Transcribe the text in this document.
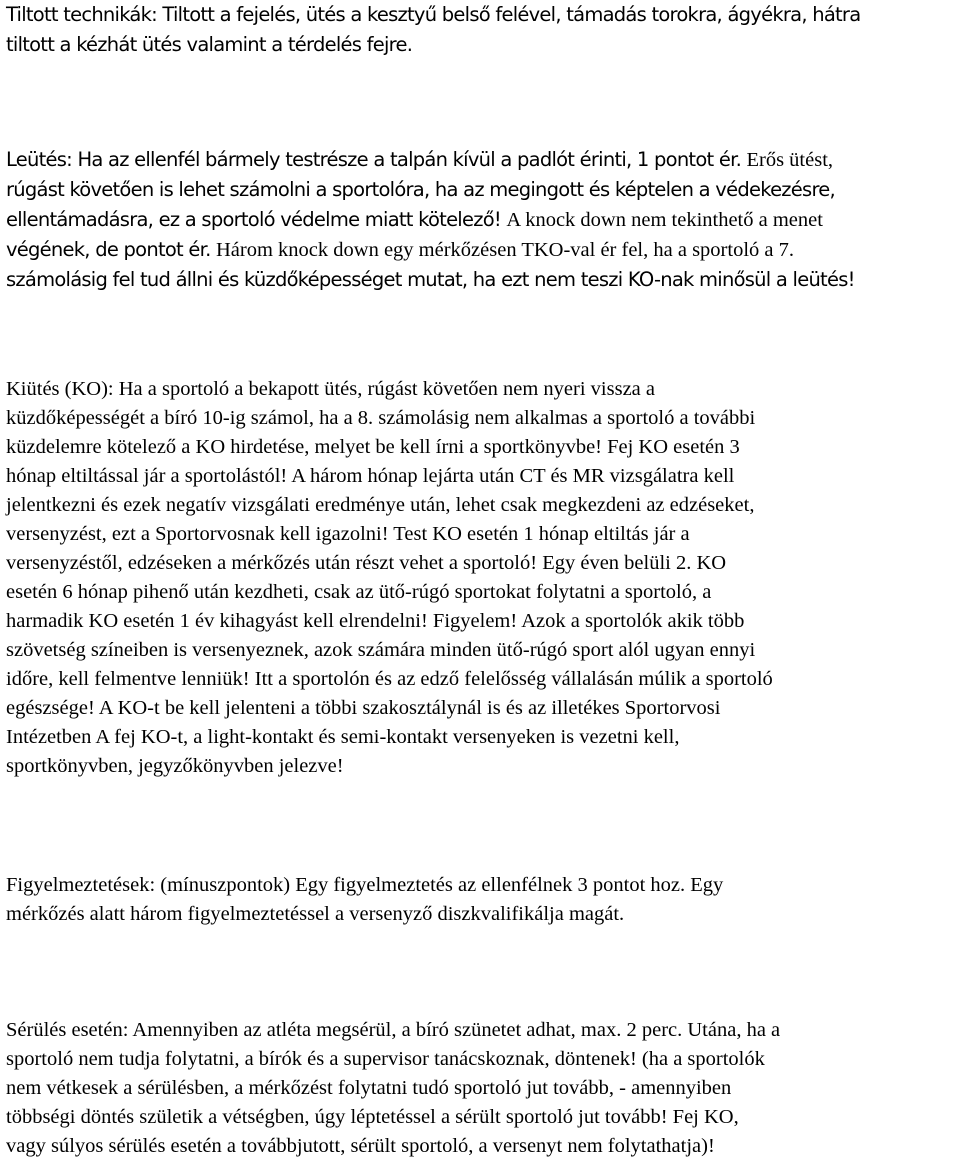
Tiltott technikák: Tiltott a fejelés, ütés a kesztyű belső felével, támadás torokra, ágyékra, hátra
tiltott a kézhát ütés valamint a térdelés fejre.

Leütés: Ha az ellenfél bármely testrésze a talpán kívül a padlót érinti, 1 pontot ér. Erős ütést,
rúgást követően is lehet számolni a sportolóra, ha az megingott és képtelen a védekezésre,
ellentámadásra, ez a sportoló védelme miatt kötelező! A knock down nem tekinthető a menet
végének, de pontot ér. Három knock down egy mérkőzésen TKO-val ér fel, ha a sportoló a 7.
számolásig fel tud állni és küzdőképességet mutat, ha ezt nem teszi KO-nak minősül a leütés!

Kiütés (KO): Ha a sportoló a bekapott ütés, rúgást követően nem nyeri vissza a
küzdőképességét a bíró 10-ig számol, ha a 8. számolásig nem alkalmas a sportoló a további
küzdelemre kötelező a KO hirdetése, melyet be kell írni a sportkönyvbe! Fej KO esetén 3
hónap eltiltással jár a sportolástól! A három hónap lejárta után CT és MR vizsgálatra kell
jelentkezni és ezek negatív vizsgálati eredménye után, lehet csak megkezdeni az edzéseket,
versenyzést, ezt a Sportorvosnak kell igazolni! Test KO esetén 1 hónap eltiltás jár a
versenyzéstől, edzéseken a mérkőzés után részt vehet a sportoló! Egy éven belüli 2. KO
esetén 6 hónap pihenő után kezdheti, csak az ütő-rúgó sportokat folytatni a sportoló, a
harmadik KO esetén 1 év kihagyást kell elrendelni! Figyelem! Azok a sportolók akik több
szövetség színeiben is versenyeznek, azok számára minden ütő-rúgó sport alól ugyan ennyi
időre, kell felmentve lenniük! Itt a sportolón és az edző felelősség vállalásán múlik a sportoló
egészsége! A KO-t be kell jelenteni a többi szakosztálynál is és az illetékes Sportorvosi
Intézetben A fej KO-t, a light-kontakt és semi-kontakt versenyeken is vezetni kell,
sportkönyvben, jegyzőkönyvben jelezve!

Figyelmeztetések: (mínuszpontok) Egy figyelmeztetés az ellenfélnek 3 pontot hoz. Egy
mérkőzés alatt három figyelmeztetéssel a versenyző diszkvalifikálja magát.

Sérülés esetén: Amennyiben az atléta megsérül, a bíró szünetet adhat, max. 2 perc. Utána, ha a
sportoló nem tudja folytatni, a bírók és a supervisor tanácskoznak, döntenek! (ha a sportolók
nem vétkesek a sérülésben, a mérkőzést folytatni tudó sportoló jut tovább, - amennyiben
többségi döntés születik a vétségben, úgy léptetéssel a sérült sportoló jut tovább! Fej KO,
vagy súlyos sérülés esetén a továbbjutott, sérült sportoló, a versenyt nem folytathatja)!
